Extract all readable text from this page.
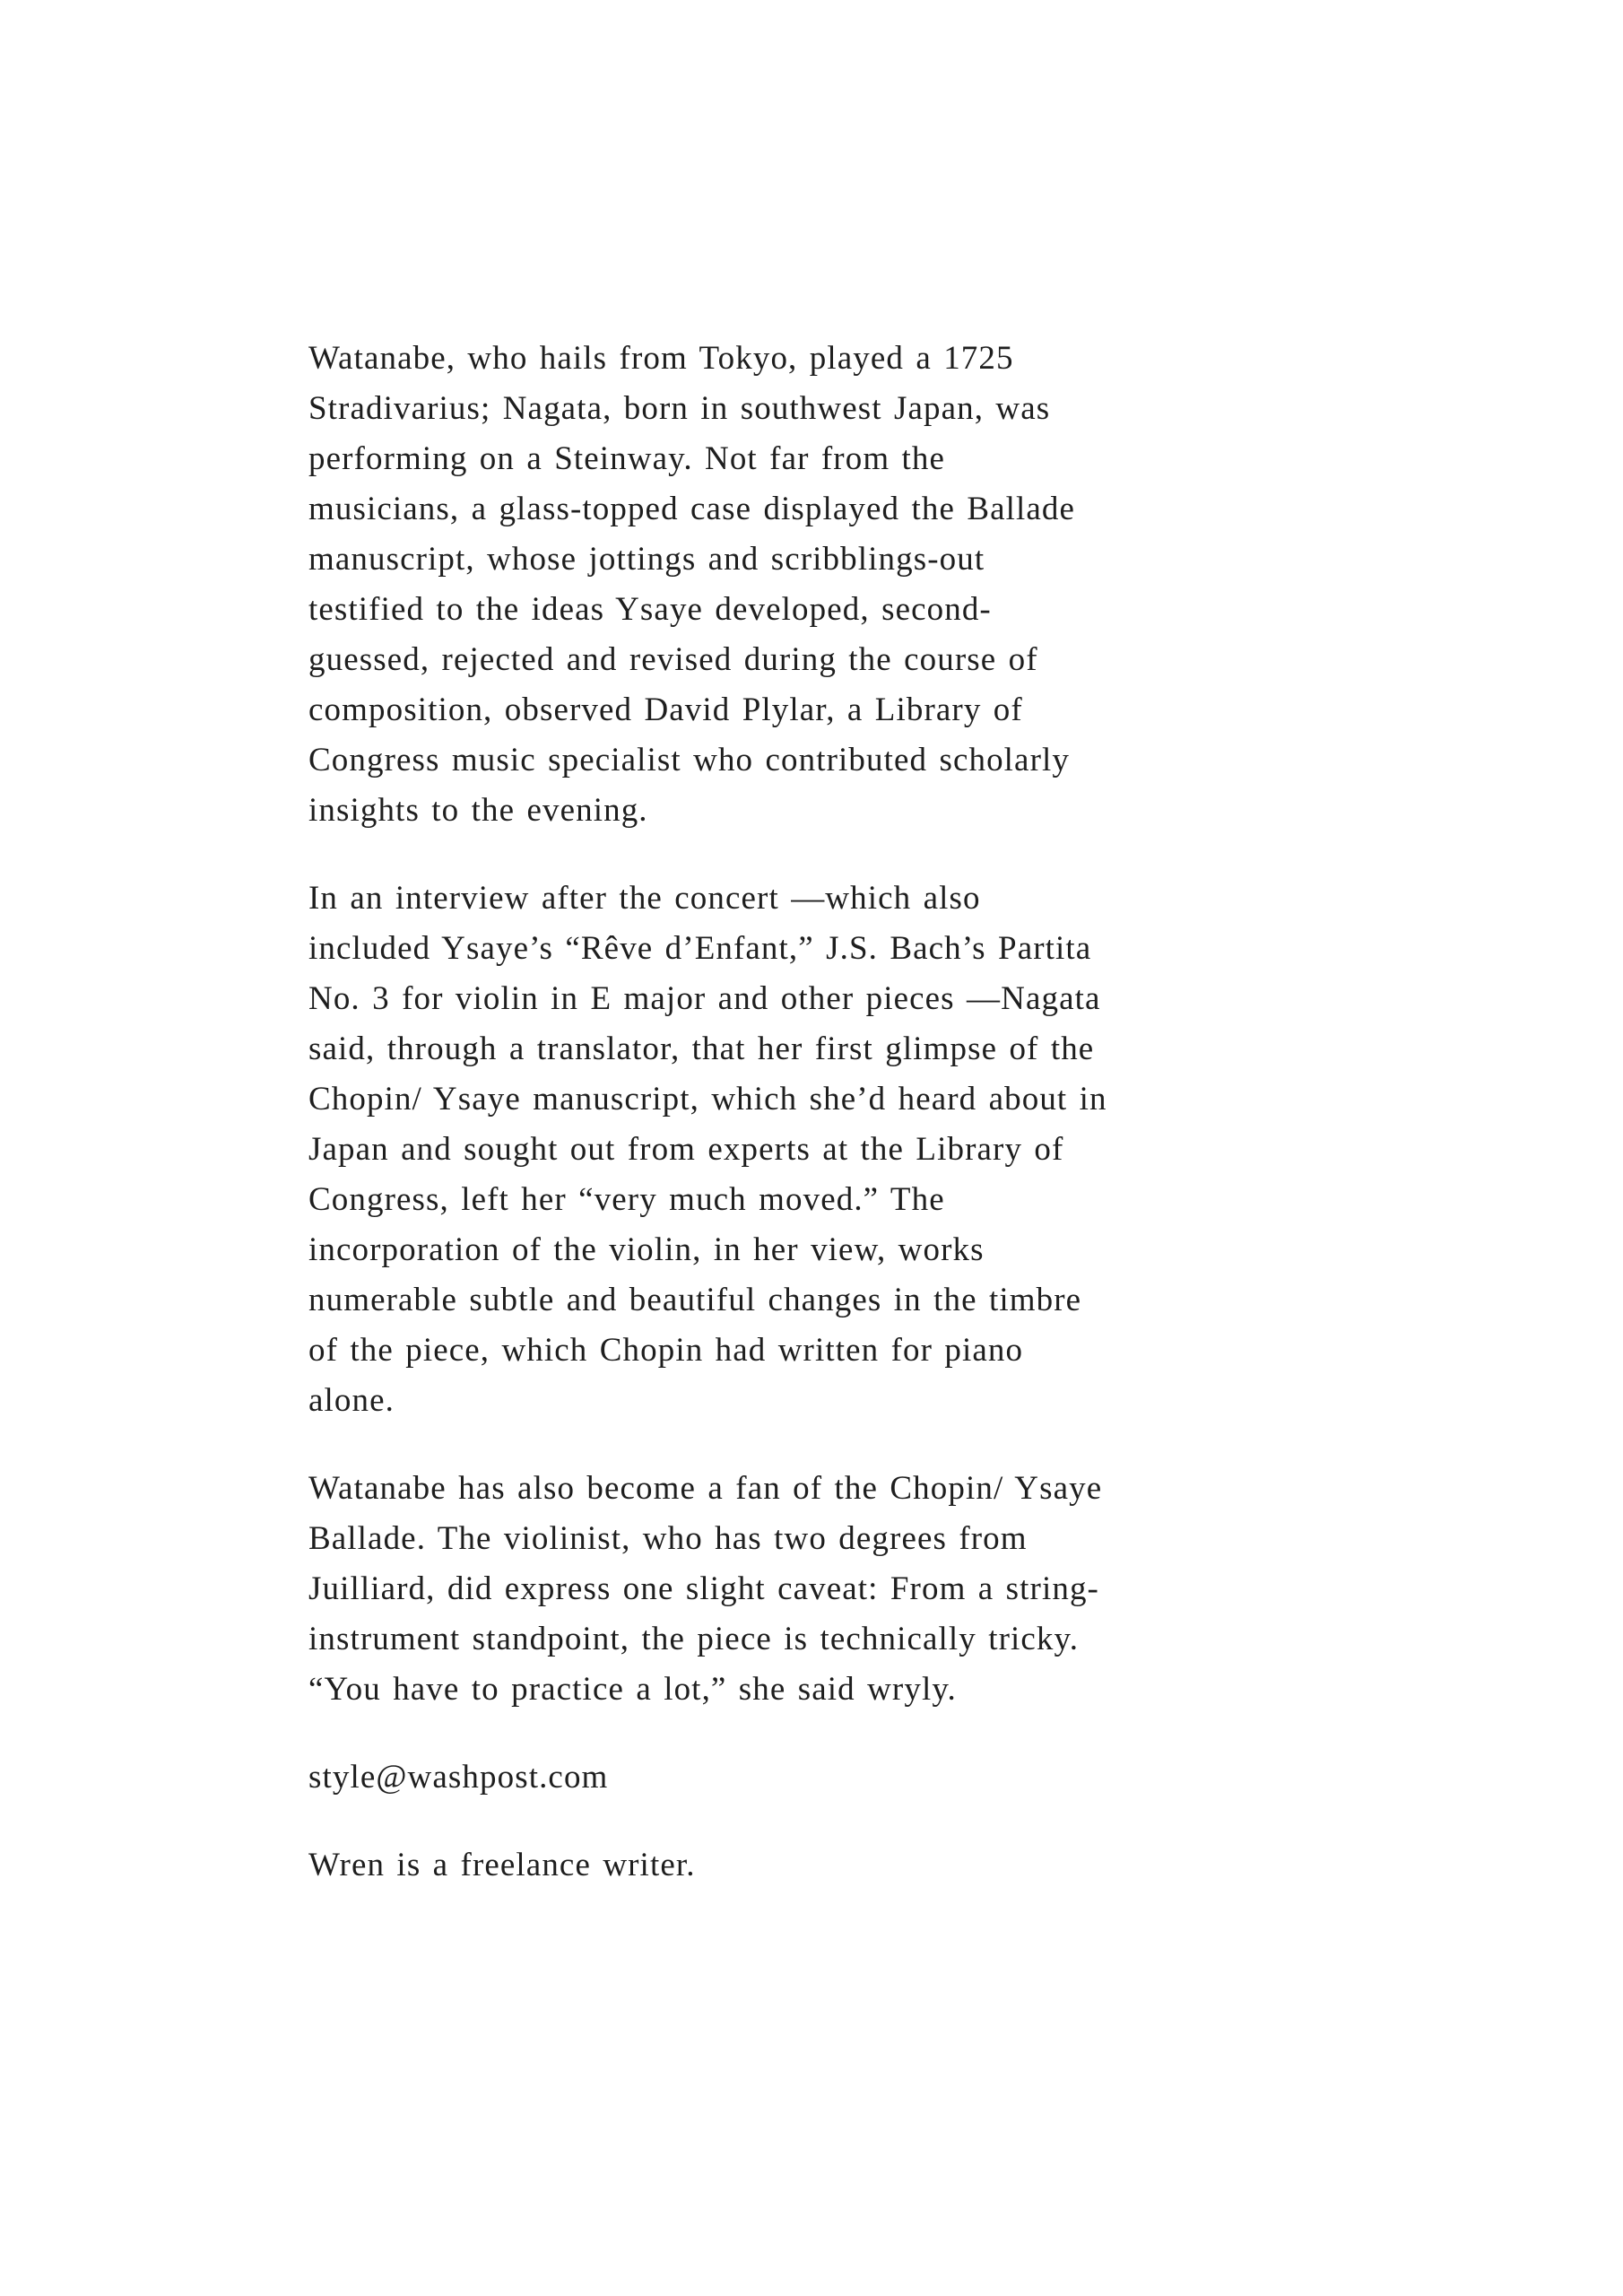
Watanabe, who hails from Tokyo, played a 1725
Stradivarius; Nagata, born in southwest Japan, was
performing on a Steinway. Not far from the
musicians, a glass-topped case displayed the Ballade
manuscript, whose jottings and scribblings-out
testified to the ideas Ysaye developed, second-
guessed, rejected and revised during the course of
composition, observed David Plylar, a Library of
Congress music specialist who contributed scholarly
insights to the evening.

In an interview after the concert —which also
included Ysaye’s “Rêve d’Enfant,” J.S. Bach’s Partita
No. 3 for violin in E major and other pieces —Nagata
said, through a translator, that her first glimpse of the
Chopin/ Ysaye manuscript, which she’d heard about in
Japan and sought out from experts at the Library of
Congress, left her “very much moved.” The
incorporation of the violin, in her view, works
numerable subtle and beautiful changes in the timbre
of the piece, which Chopin had written for piano
alone.

Watanabe has also become a fan of the Chopin/ Ysaye
Ballade. The violinist, who has two degrees from
Juilliard, did express one slight caveat: From a string-
instrument standpoint, the piece is technically tricky.
“You have to practice a lot,” she said wryly.

style@washpost.com

Wren is a freelance writer.
